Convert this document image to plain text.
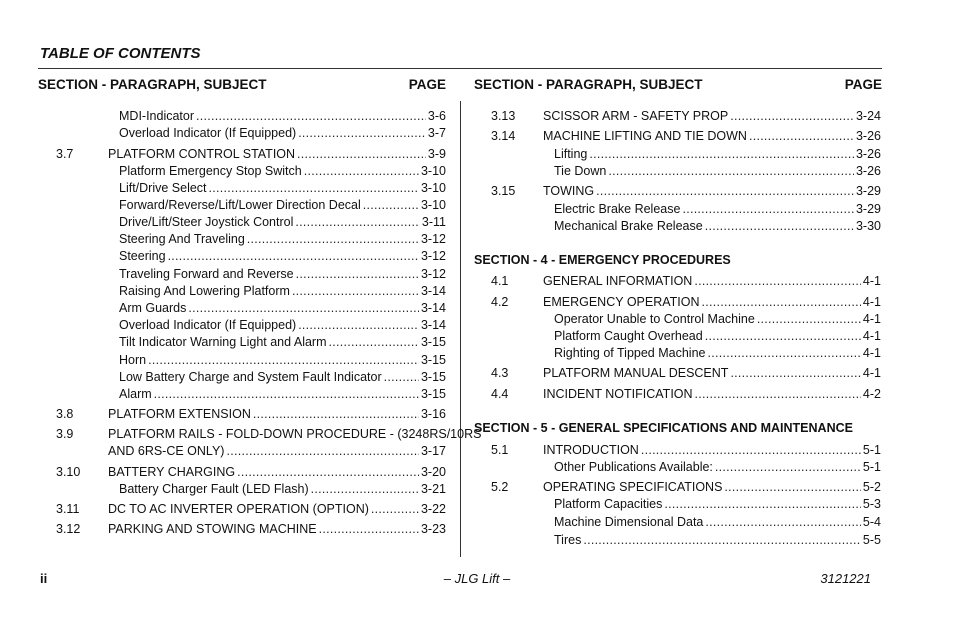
TABLE OF CONTENTS
SECTION - PARAGRAPH, SUBJECT	PAGE SECTION - PARAGRAPH, SUBJECT	PAGE
MDI-Indicator . . .	3-6
Overload Indicator (If Equipped) . . .	3-7
3.7	PLATFORM CONTROL STATION . . .	3-9
Platform Emergency Stop Switch . . .	3-10
Lift/Drive Select . . .	3-10
Forward/Reverse/Lift/Lower Direction Decal . . .	3-10
Drive/Lift/Steer Joystick Control . . .	3-11
Steering And Traveling . . .	3-12
Steering . . .	3-12
Traveling Forward and Reverse . . .	3-12
Raising And Lowering Platform . . .	3-14
Arm Guards . . .	3-14
Overload Indicator (If Equipped) . . .	3-14
Tilt Indicator Warning Light and Alarm . . .	3-15
Horn . . .	3-15
Low Battery Charge and System Fault Indicator . . .	3-15
Alarm . . .	3-15
3.8	PLATFORM EXTENSION . . .	3-16
3.9	PLATFORM RAILS - FOLD-DOWN PROCEDURE - (3248RS/10RS
AND 6RS-CE ONLY) . . .	3-17
3.10 BATTERY CHARGING . . .	3-20
Battery Charger Fault (LED Flash) . . .	3-21
3.11 DC TO AC INVERTER OPERATION (OPTION) . . .	3-22
3.12 PARKING AND STOWING MACHINE . . .	3-23
3.13 SCISSOR ARM - SAFETY PROP . . .	3-24
3.14 MACHINE LIFTING AND TIE DOWN . . .	3-26
Lifting . . .	3-26
Tie Down . . .	3-26
3.15 TOWING . . .	3-29
Electric Brake Release . . .	3-29
Mechanical Brake Release . . .	3-30
4.1	GENERAL INFORMATION . . .	4-1
4.2	EMERGENCY OPERATION . . .	4-1
Operator Unable to Control Machine . . .	4-1
Platform Caught Overhead . . .	4-1
Righting of Tipped Machine . . .	4-1
4.3	PLATFORM MANUAL DESCENT . . .	4-1
4.4	INCIDENT NOTIFICATION . . .	4-2
5.1	INTRODUCTION . . .	5-1
Other Publications Available: . . .	5-1
5.2	OPERATING SPECIFICATIONS . . .	5-2
Platform Capacities . . .	5-3
Machine Dimensional Data . . .	5-4
Tires . . .	5-5
SECTION - 4 - EMERGENCY PROCEDURES
SECTION - 5 - GENERAL SPECIFICATIONS AND MAINTENANCE
– JLG Lift –
ii	3121221
